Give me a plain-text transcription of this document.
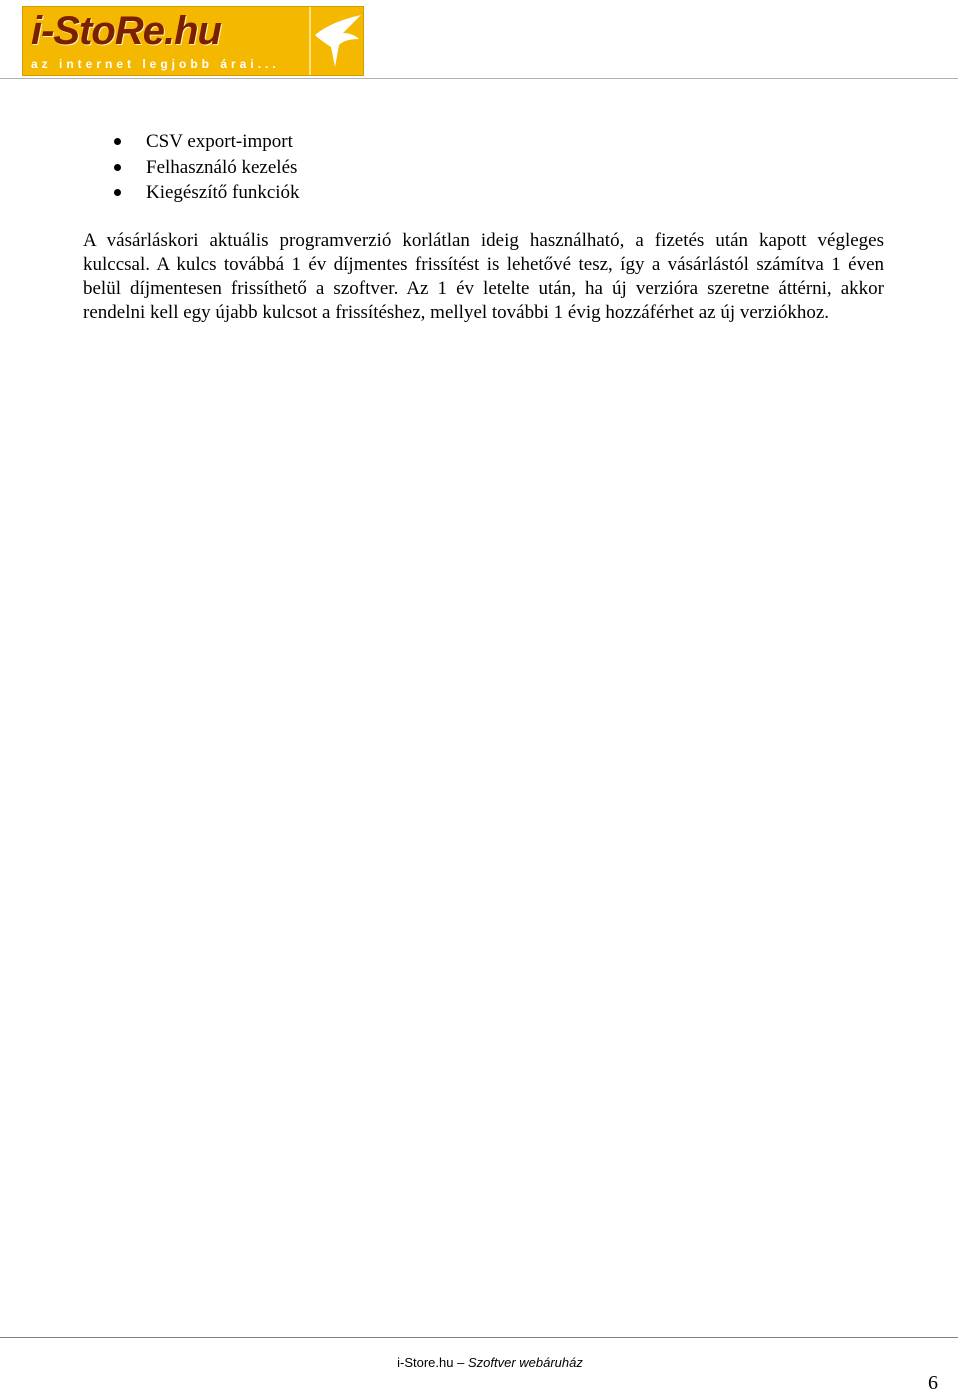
i-StoRe.hu
az internet legjobb árai...
CSV export-import
Felhasználó kezelés
Kiegészítő funkciók

A vásárláskori aktuális programverzió korlátlan ideig használható, a fizetés után kapott végleges kulccsal. A kulcs továbbá 1 év díjmentes frissítést is lehetővé tesz, így a vásárlástól számítva 1 éven belül díjmentesen frissíthető a szoftver. Az 1 év letelte után, ha új verzióra szeretne áttérni, akkor rendelni kell egy újabb kulcsot a frissítéshez, mellyel további 1 évig hozzáférhet az új verziókhoz.

i-Store.hu – Szoftver webáruház
6
